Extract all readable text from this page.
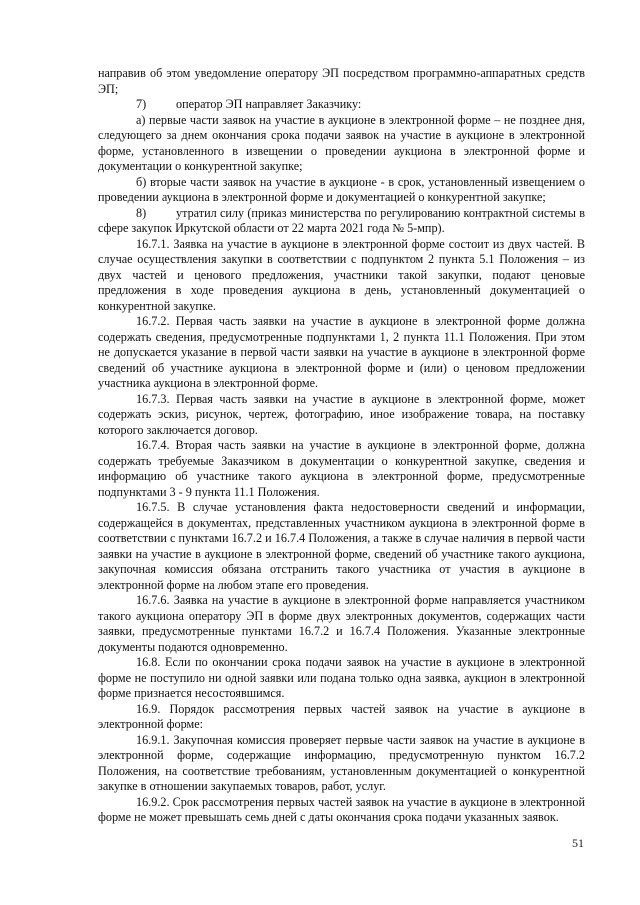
направив об этом уведомление оператору ЭП посредством программно-аппаратных средств ЭП;

7) оператор ЭП направляет Заказчику:

а) первые части заявок на участие в аукционе в электронной форме – не позднее дня, следующего за днем окончания срока подачи заявок на участие в аукционе в электронной форме, установленного в извещении о проведении аукциона в электронной форме и документации о конкурентной закупке;

б) вторые части заявок на участие в аукционе - в срок, установленный извещением о проведении аукциона в электронной форме и документацией о конкурентной закупке;

8) утратил силу (приказ министерства по регулированию контрактной системы в сфере закупок Иркутской области от 22 марта 2021 года № 5-мпр).

16.7.1. Заявка на участие в аукционе в электронной форме состоит из двух частей. В случае осуществления закупки в соответствии с подпунктом 2 пункта 5.1 Положения – из двух частей и ценового предложения, участники такой закупки, подают ценовые предложения в ходе проведения аукциона в день, установленный документацией о конкурентной закупке.

16.7.2. Первая часть заявки на участие в аукционе в электронной форме должна содержать сведения, предусмотренные подпунктами 1, 2 пункта 11.1 Положения. При этом не допускается указание в первой части заявки на участие в аукционе в электронной форме сведений об участнике аукциона в электронной форме и (или) о ценовом предложении участника аукциона в электронной форме.

16.7.3. Первая часть заявки на участие в аукционе в электронной форме, может содержать эскиз, рисунок, чертеж, фотографию, иное изображение товара, на поставку которого заключается договор.

16.7.4. Вторая часть заявки на участие в аукционе в электронной форме, должна содержать требуемые Заказчиком в документации о конкурентной закупке, сведения и информацию об участнике такого аукциона в электронной форме, предусмотренные подпунктами 3 - 9 пункта 11.1 Положения.

16.7.5. В случае установления факта недостоверности сведений и информации, содержащейся в документах, представленных участником аукциона в электронной форме в соответствии с пунктами 16.7.2 и 16.7.4 Положения, а также в случае наличия в первой части заявки на участие в аукционе в электронной форме, сведений об участнике такого аукциона, закупочная комиссия обязана отстранить такого участника от участия в аукционе в электронной форме на любом этапе его проведения.

16.7.6. Заявка на участие в аукционе в электронной форме направляется участником такого аукциона оператору ЭП в форме двух электронных документов, содержащих части заявки, предусмотренные пунктами 16.7.2 и 16.7.4 Положения. Указанные электронные документы подаются одновременно.

16.8. Если по окончании срока подачи заявок на участие в аукционе в электронной форме не поступило ни одной заявки или подана только одна заявка, аукцион в электронной форме признается несостоявшимся.

16.9. Порядок рассмотрения первых частей заявок на участие в аукционе в электронной форме:

16.9.1. Закупочная комиссия проверяет первые части заявок на участие в аукционе в электронной форме, содержащие информацию, предусмотренную пунктом 16.7.2 Положения, на соответствие требованиям, установленным документацией о конкурентной закупке в отношении закупаемых товаров, работ, услуг.

16.9.2. Срок рассмотрения первых частей заявок на участие в аукционе в электронной форме не может превышать семь дней с даты окончания срока подачи указанных заявок.

51
